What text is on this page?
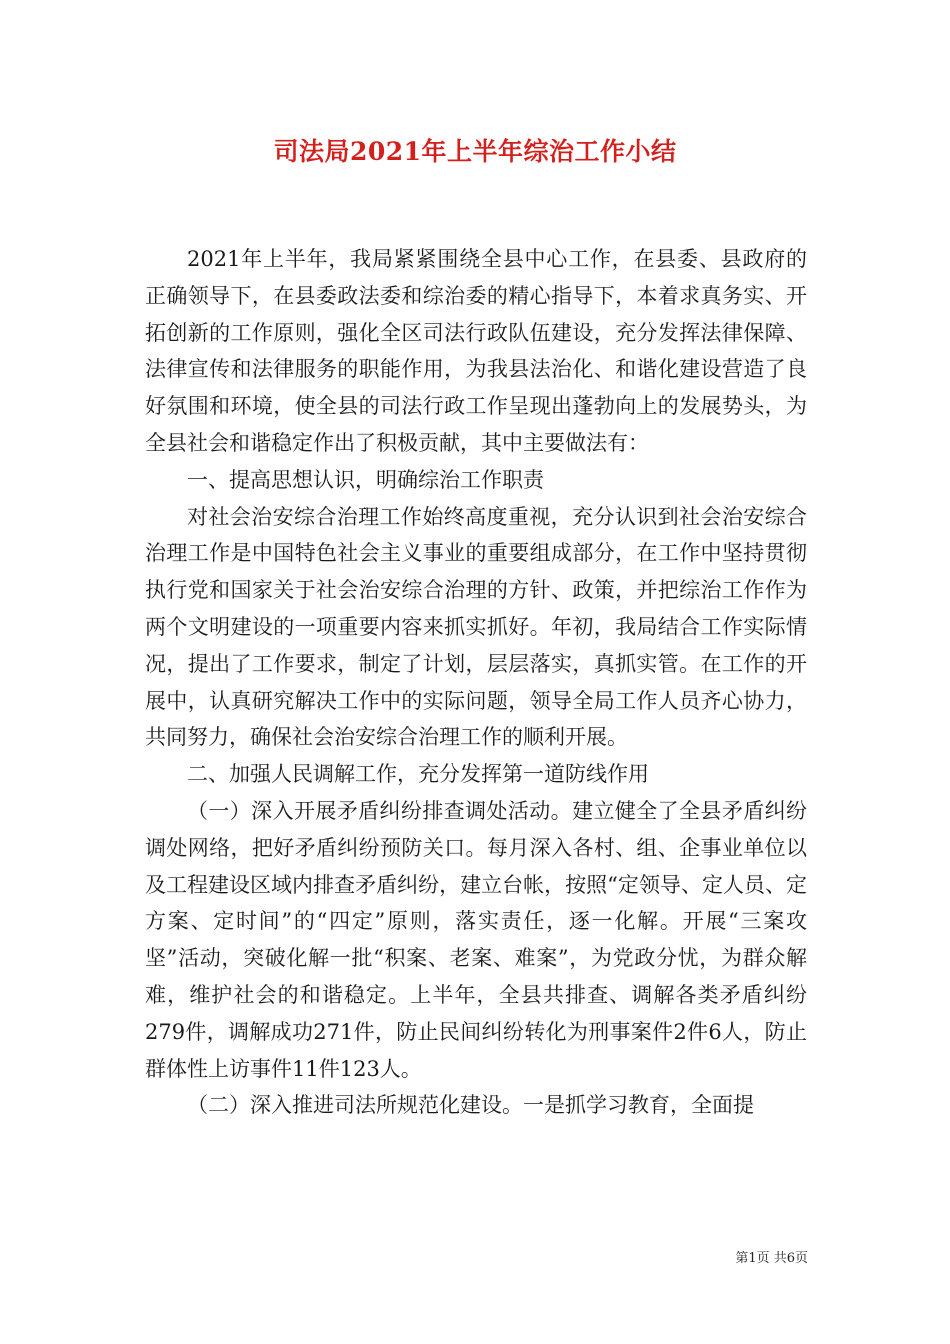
司法局2021年上半年综治工作小结

2021年上半年，我局紧紧围绕全县中心工作，在县委、县政府的正确领导下，在县委政法委和综治委的精心指导下，本着求真务实、开拓创新的工作原则，强化全区司法行政队伍建设，充分发挥法律保障、法律宣传和法律服务的职能作用，为我县法治化、和谐化建设营造了良好氛围和环境，使全县的司法行政工作呈现出蓬勃向上的发展势头，为全县社会和谐稳定作出了积极贡献，其中主要做法有：

一、提高思想认识，明确综治工作职责

对社会治安综合治理工作始终高度重视，充分认识到社会治安综合治理工作是中国特色社会主义事业的重要组成部分，在工作中坚持贯彻执行党和国家关于社会治安综合治理的方针、政策，并把综治工作作为两个文明建设的一项重要内容来抓实抓好。年初，我局结合工作实际情况，提出了工作要求，制定了计划，层层落实，真抓实管。在工作的开展中，认真研究解决工作中的实际问题，领导全局工作人员齐心协力，共同努力，确保社会治安综合治理工作的顺利开展。

二、加强人民调解工作，充分发挥第一道防线作用

（一）深入开展矛盾纠纷排查调处活动。建立健全了全县矛盾纠纷调处网络，把好矛盾纠纷预防关口。每月深入各村、组、企事业单位以及工程建设区域内排查矛盾纠纷，建立台帐，按照“定领导、定人员、定方案、定时间”的“四定”原则，落实责任，逐一化解。开展“三案攻坚”活动，突破化解一批“积案、老案、难案”，为党政分忧，为群众解难，维护社会的和谐稳定。上半年，全县共排查、调解各类矛盾纠纷279件，调解成功271件，防止民间纠纷转化为刑事案件2件6人，防止群体性上访事件11件123人。

（二）深入推进司法所规范化建设。一是抓学习教育，全面提

第1页 共6页
